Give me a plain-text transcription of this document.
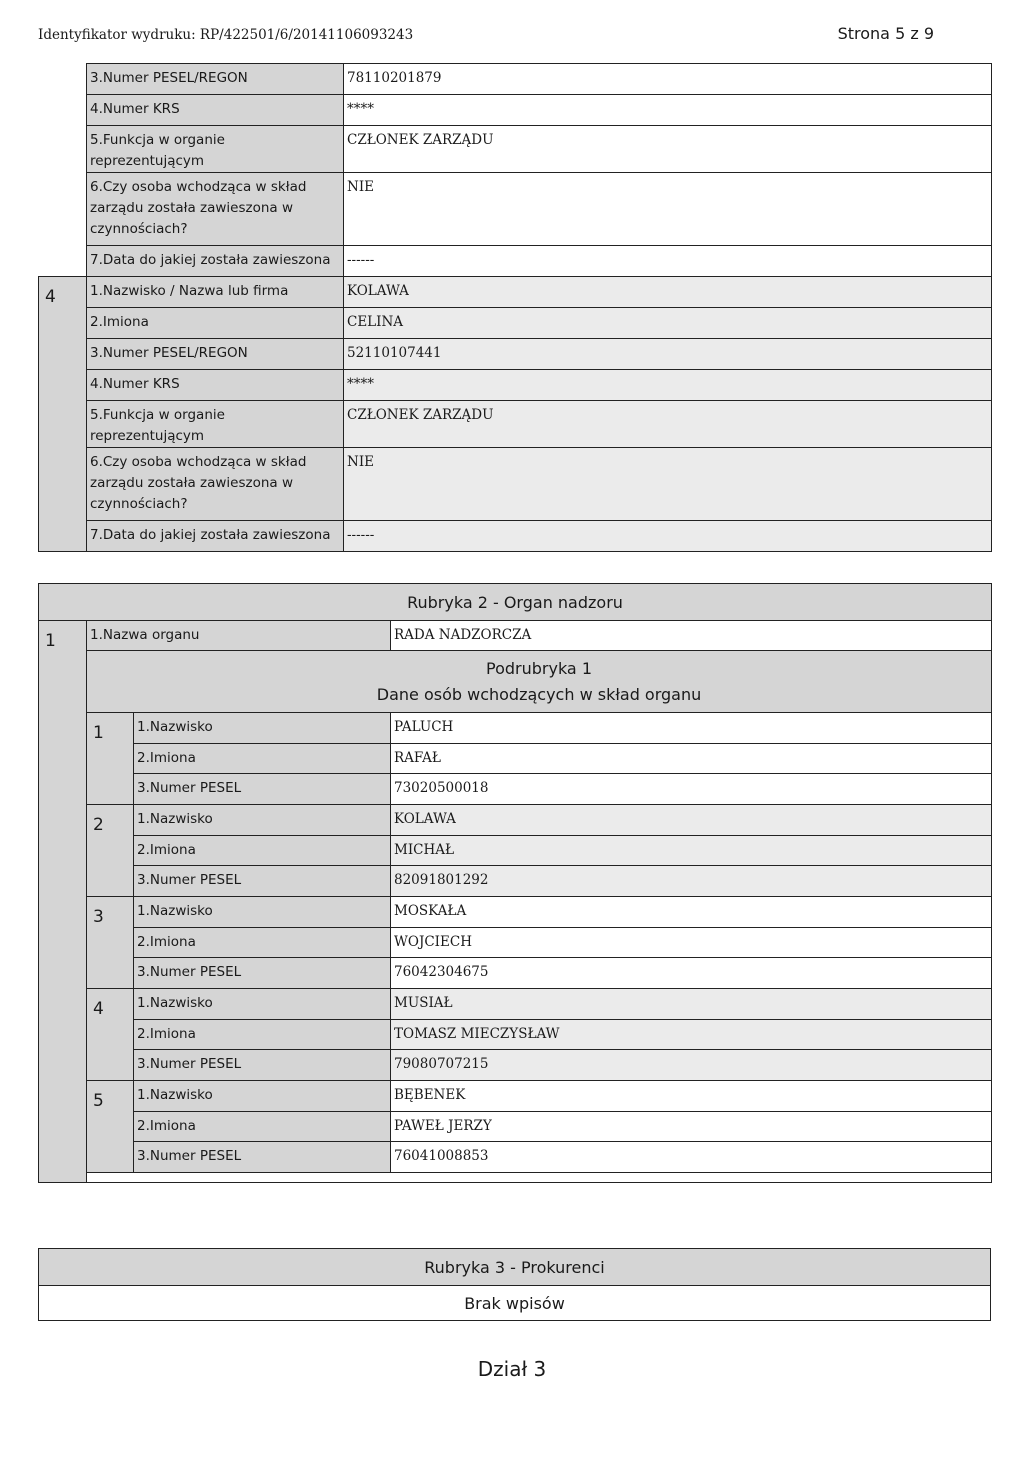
Identyfikator wydruku: RP/422501/6/20141106093243	Strona 5 z 9
	3.Numer PESEL/REGON	78110201879
	4.Numer KRS	****
	5.Funkcja w organie reprezentującym	CZŁONEK ZARZĄDU
	6.Czy osoba wchodząca w skład zarządu została zawieszona w czynnościach?	NIE
	7.Data do jakiej została zawieszona	------
4	1.Nazwisko / Nazwa lub firma	KOLAWA
	2.Imiona	CELINA
	3.Numer PESEL/REGON	52110107441
	4.Numer KRS	****
	5.Funkcja w organie reprezentującym	CZŁONEK ZARZĄDU
	6.Czy osoba wchodząca w skład zarządu została zawieszona w czynnościach?	NIE
	7.Data do jakiej została zawieszona	------
Rubryka 2 - Organ nadzoru			
1	1.Nazwa organu		RADA NADZORCZA

	Podrubryka 1
Dane osób wchodzących w skład organu		

	1	1.Nazwisko	PALUCH
		2.Imiona	RAFAŁ
		3.Numer PESEL	73020500018
	2	1.Nazwisko	KOLAWA
		2.Imiona	MICHAŁ
		3.Numer PESEL	82091801292
	3	1.Nazwisko	MOSKAŁA
		2.Imiona	WOJCIECH
		3.Numer PESEL	76042304675
	4	1.Nazwisko	MUSIAŁ
		2.Imiona	TOMASZ MIECZYSŁAW
		3.Numer PESEL	79080707215
	5	1.Nazwisko	BĘBENEK
		2.Imiona	PAWEŁ JERZY
		3.Numer PESEL	76041008853

Rubryka 3 - Prokurenci
Brak wpisów
Dział 3
